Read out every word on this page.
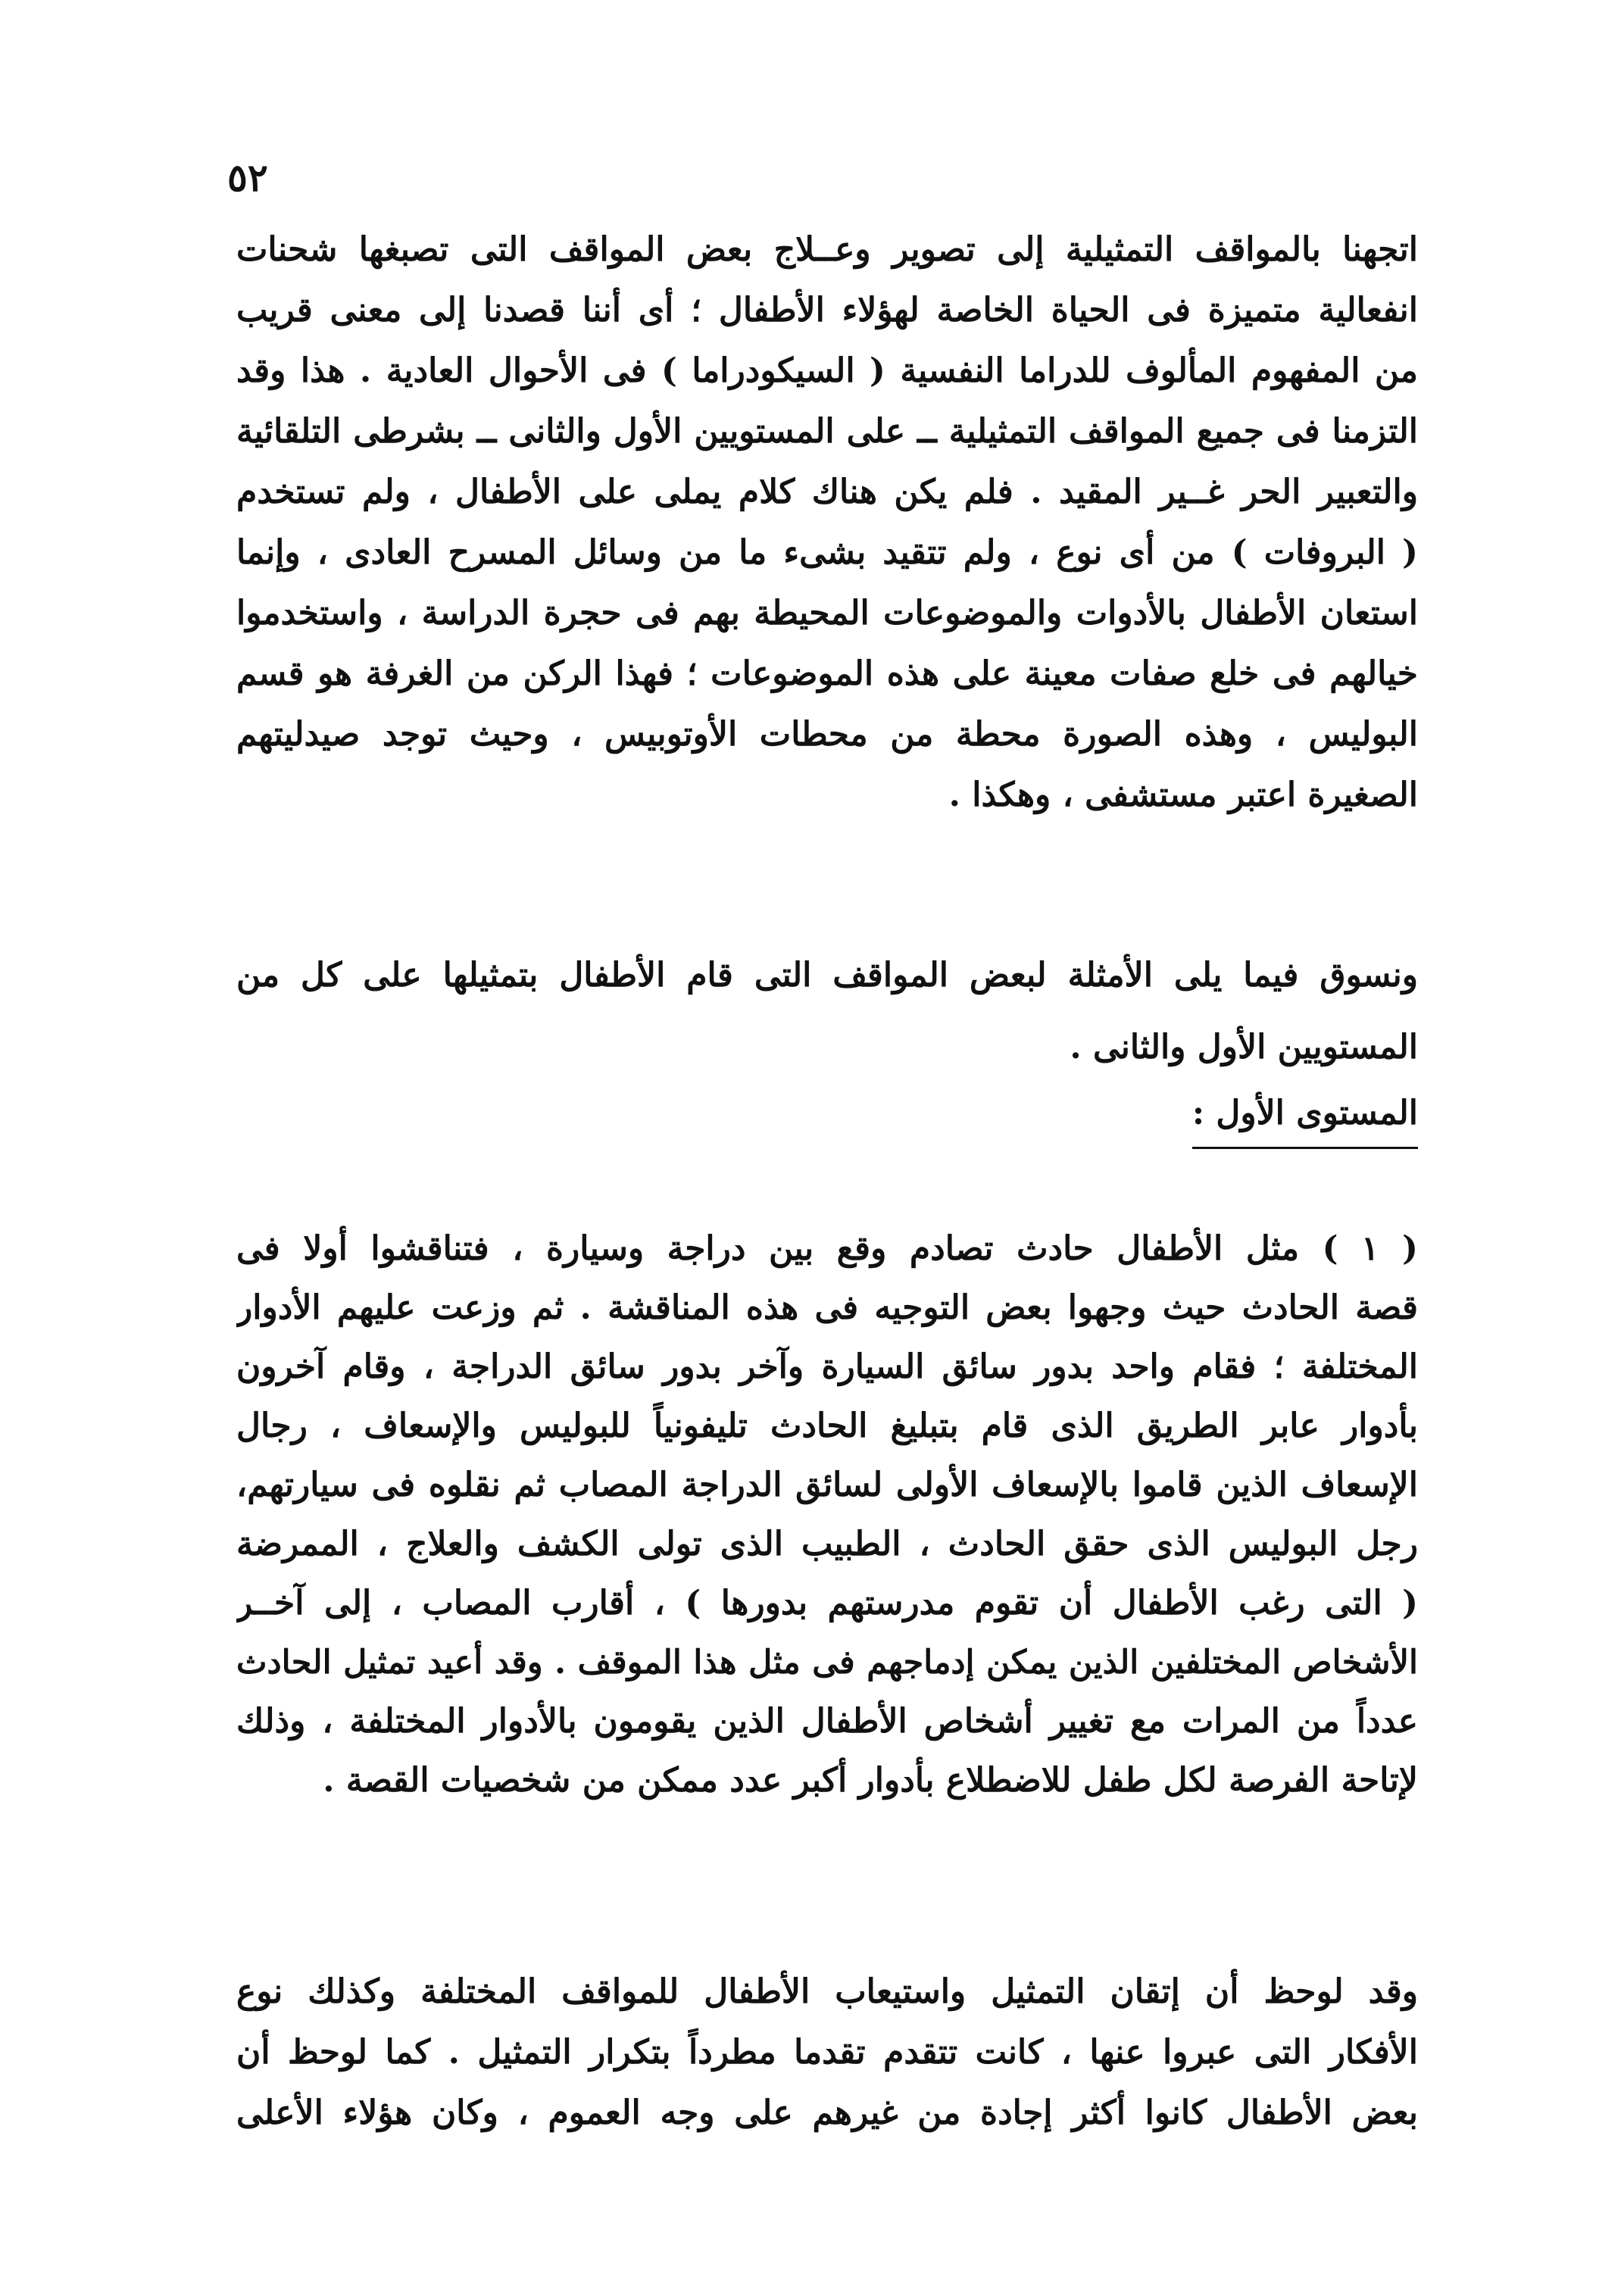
٥٢
اتجهنا بالمواقف التمثيلية إلى تصوير وعــلاج بعض المواقف التى تصبغها شحنات
انفعالية متميزة فى الحياة الخاصة لهؤلاء الأطفال ؛ أى أننا قصدنا إلى معنى قريب
من المفهوم المألوف للدراما النفسية ( السيكودراما ) فى الأحوال العادية . هذا وقد
التزمنا فى جميع المواقف التمثيلية ــ على المستويين الأول والثانى ــ بشرطى التلقائية
والتعبير الحر غــير المقيد . فلم يكن هناك كلام يملى على الأطفال ، ولم تستخدم
( البروفات ) من أى نوع ، ولم تتقيد بشىء ما من وسائل المسرح العادى ، وإنما
استعان الأطفال بالأدوات والموضوعات المحيطة بهم فى حجرة الدراسة ، واستخدموا
خيالهم فى خلع صفات معينة على هذه الموضوعات ؛ فهذا الركن من الغرفة هو قسم
البوليس ، وهذه الصورة محطة من محطات الأوتوبيس ، وحيث توجد صيدليتهم
الصغيرة اعتبر مستشفى ، وهكذا .
ونسوق فيما يلى الأمثلة لبعض المواقف التى قام الأطفال بتمثيلها على كل من
المستويين الأول والثانى .
المستوى الأول :
( ١ ) مثل الأطفال حادث تصادم وقع بين دراجة وسيارة ، فتناقشوا أولا فى
قصة الحادث حيث وجهوا بعض التوجيه فى هذه المناقشة . ثم وزعت عليهم الأدوار
المختلفة ؛ فقام واحد بدور سائق السيارة وآخر بدور سائق الدراجة ، وقام آخرون
بأدوار عابر الطريق الذى قام بتبليغ الحادث تليفونياً للبوليس والإسعاف ، رجال
الإسعاف الذين قاموا بالإسعاف الأولى لسائق الدراجة المصاب ثم نقلوه فى سيارتهم،
رجل البوليس الذى حقق الحادث ، الطبيب الذى تولى الكشف والعلاج ، الممرضة
( التى رغب الأطفال أن تقوم مدرستهم بدورها ) ، أقارب المصاب ، إلى آخــر
الأشخاص المختلفين الذين يمكن إدماجهم فى مثل هذا الموقف . وقد أعيد تمثيل الحادث
عدداً من المرات مع تغيير أشخاص الأطفال الذين يقومون بالأدوار المختلفة ، وذلك
لإتاحة الفرصة لكل طفل للاضطلاع بأدوار أكبر عدد ممكن من شخصيات القصة .
وقد لوحظ أن إتقان التمثيل واستيعاب الأطفال للمواقف المختلفة وكذلك نوع
الأفكار التى عبروا عنها ، كانت تتقدم تقدما مطرداً بتكرار التمثيل . كما لوحظ أن
بعض الأطفال كانوا أكثر إجادة من غيرهم على وجه العموم ، وكان هؤلاء الأعلى
